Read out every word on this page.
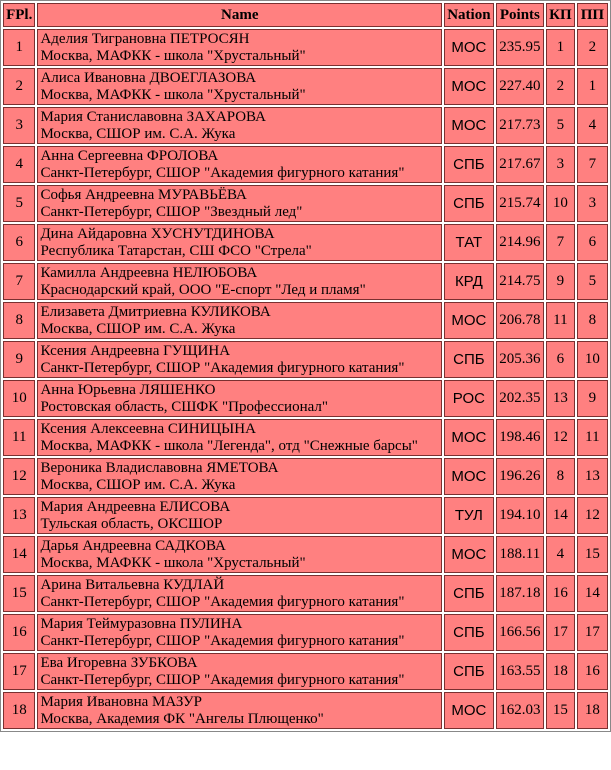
FPl.	Name	Nation	Points	КП	ПП
1	Аделия Тиграновна ПЕТРОСЯН
Москва, МАФКК - школа "Хрустальный"	МОС	235.95	1	2
2	Алиса Ивановна ДВОЕГЛАЗОВА
Москва, МАФКК - школа "Хрустальный"	МОС	227.40	2	1
3	Мария Станиславовна ЗАХАРОВА
Москва, СШОР им. С.А. Жука	МОС	217.73	5	4
4	Анна Сергеевна ФРОЛОВА
Санкт-Петербург, СШОР "Академия фигурного катания"	СПБ	217.67	3	7
5	Софья Андреевна МУРАВЬЁВА
Санкт-Петербург, СШОР "Звездный лед"	СПБ	215.74	10	3
6	Дина Айдаровна ХУСНУТДИНОВА
Республика Татарстан, СШ ФСО "Стрела"	ТАТ	214.96	7	6
7	Камилла Андреевна НЕЛЮБОВА
Краснодарский край, ООО "Е-спорт "Лед и пламя"	КРД	214.75	9	5
8	Елизавета Дмитриевна КУЛИКОВА
Москва, СШОР им. С.А. Жука	МОС	206.78	11	8
9	Ксения Андреевна ГУЩИНА
Санкт-Петербург, СШОР "Академия фигурного катания"	СПБ	205.36	6	10
10	Анна Юрьевна ЛЯШЕНКО
Ростовская область, СШФК "Профессионал"	РОС	202.35	13	9
11	Ксения Алексеевна СИНИЦЫНА
Москва, МАФКК - школа "Легенда", отд "Снежные барсы"	МОС	198.46	12	11
12	Вероника Владиславовна ЯМЕТОВА
Москва, СШОР им. С.А. Жука	МОС	196.26	8	13
13	Мария Андреевна ЕЛИСОВА
Тульская область, ОКСШОР	ТУЛ	194.10	14	12
14	Дарья Андреевна САДКОВА
Москва, МАФКК - школа "Хрустальный"	МОС	188.11	4	15
15	Арина Витальевна КУДЛАЙ
Санкт-Петербург, СШОР "Академия фигурного катания"	СПБ	187.18	16	14
16	Мария Теймуразовна ПУЛИНА
Санкт-Петербург, СШОР "Академия фигурного катания"	СПБ	166.56	17	17
17	Ева Игоревна ЗУБКОВА
Санкт-Петербург, СШОР "Академия фигурного катания"	СПБ	163.55	18	16
18	Мария Ивановна МАЗУР
Москва, Академия ФК "Ангелы Плющенко"	МОС	162.03	15	18
